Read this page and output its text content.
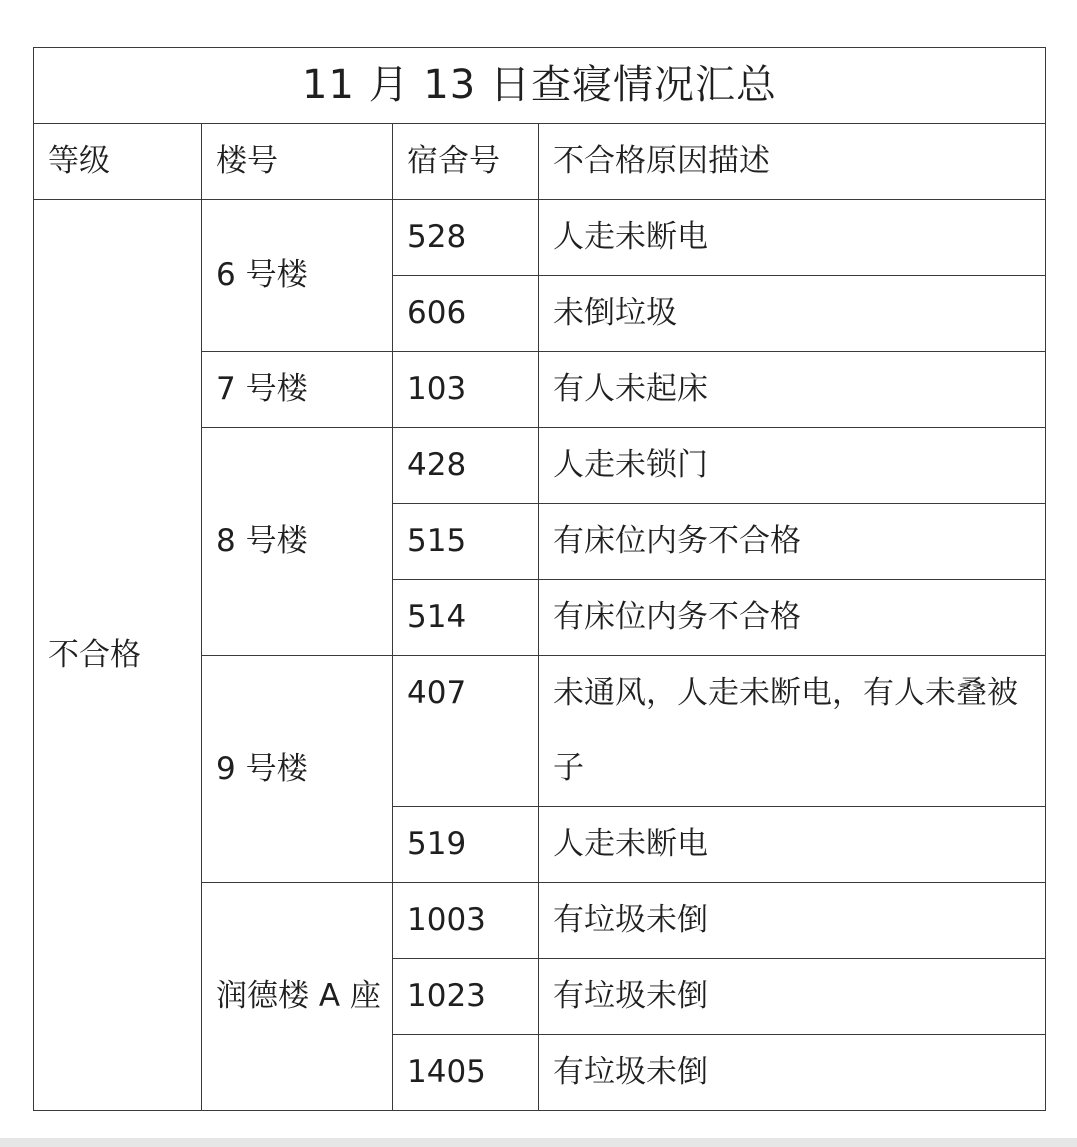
11 月 13 日查寝情况汇总			
等级	楼号	宿舍号	不合格原因描述
不合格	6 号楼	528	人走未断电
		606	未倒垃圾
	7 号楼	103	有人未起床
	8 号楼	428	人走未锁门
		515	有床位内务不合格
		514	有床位内务不合格
	9 号楼	407	未通风，人走未断电，有人未叠被子
		519	人走未断电
	润德楼 A 座	1003	有垃圾未倒
		1023	有垃圾未倒
		1405	有垃圾未倒
